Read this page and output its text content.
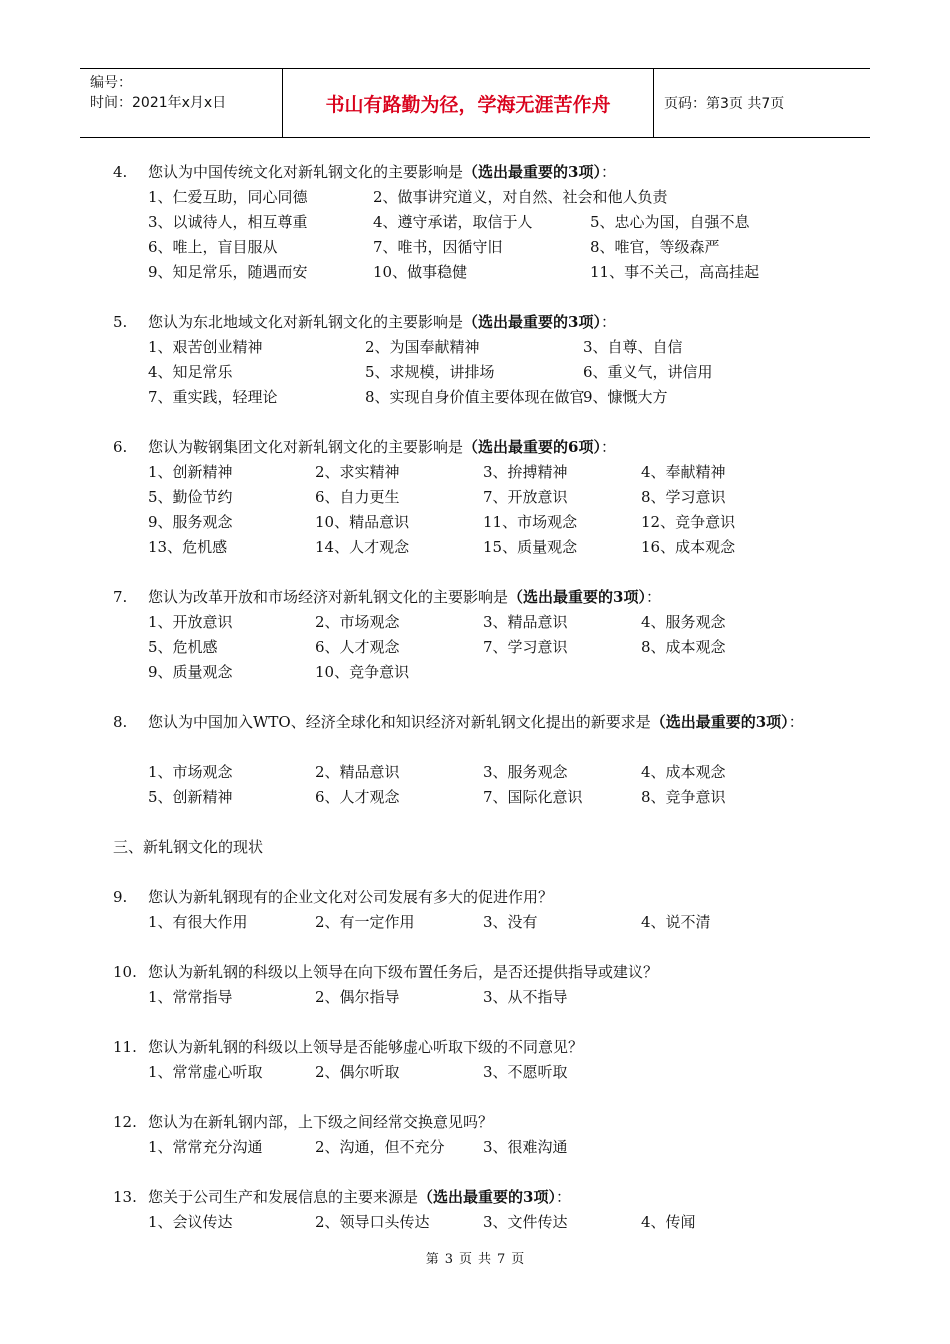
编号：
时间：2021年x月x日	书山有路勤为径，学海无涯苦作舟	页码：第3页 共7页
4. 您认为中国传统文化对新轧钢文化的主要影响是（选出最重要的3项）：
1、仁爱互助，同心同德	2、做事讲究道义，对自然、社会和他人负责
3、以诚待人，相互尊重	4、遵守承诺，取信于人	5、忠心为国，自强不息
6、唯上，盲目服从	7、唯书，因循守旧	8、唯官，等级森严
9、知足常乐，随遇而安	10、做事稳健	11、事不关己，高高挂起
5. 您认为东北地域文化对新轧钢文化的主要影响是（选出最重要的3项）：
1、艰苦创业精神	2、为国奉献精神	3、自尊、自信
4、知足常乐	5、求规模，讲排场	6、重义气，讲信用
7、重实践，轻理论	8、实现自身价值主要体现在做官
9、慷慨大方
6. 您认为鞍钢集团文化对新轧钢文化的主要影响是（选出最重要的6项）：
1、创新精神	2、求实精神	3、拚搏精神	4、奉献精神
5、勤俭节约	6、自力更生	7、开放意识	8、学习意识
9、服务观念	10、精品意识	11、市场观念	12、竞争意识
13、危机感	14、人才观念	15、质量观念	16、成本观念
7. 您认为改革开放和市场经济对新轧钢文化的主要影响是（选出最重要的3项）：
1、开放意识	2、市场观念	3、精品意识	4、服务观念
5、危机感	6、人才观念	7、学习意识	8、成本观念
9、质量观念	10、竞争意识
8. 您认为中国加入WTO、经济全球化和知识经济对新轧钢文化提出的新要求是（选出最重要的3项）：
1、市场观念	2、精品意识	3、服务观念	4、成本观念
5、创新精神	6、人才观念	7、国际化意识	8、竞争意识
三、新轧钢文化的现状
9. 您认为新轧钢现有的企业文化对公司发展有多大的促进作用？
1、有很大作用	2、有一定作用	3、没有	4、说不清
10. 您认为新轧钢的科级以上领导在向下级布置任务后，是否还提供指导或建议？
1、常常指导	2、偶尔指导	3、从不指导
11. 您认为新轧钢的科级以上领导是否能够虚心听取下级的不同意见？
1、常常虚心听取	2、偶尔听取	3、不愿听取
12. 您认为在新轧钢内部，上下级之间经常交换意见吗？
1、常常充分沟通	2、沟通，但不充分	3、很难沟通
13. 您关于公司生产和发展信息的主要来源是（选出最重要的3项）：
1、会议传达	2、领导口头传达	3、文件传达	4、传闻
第 3 页 共 7 页
